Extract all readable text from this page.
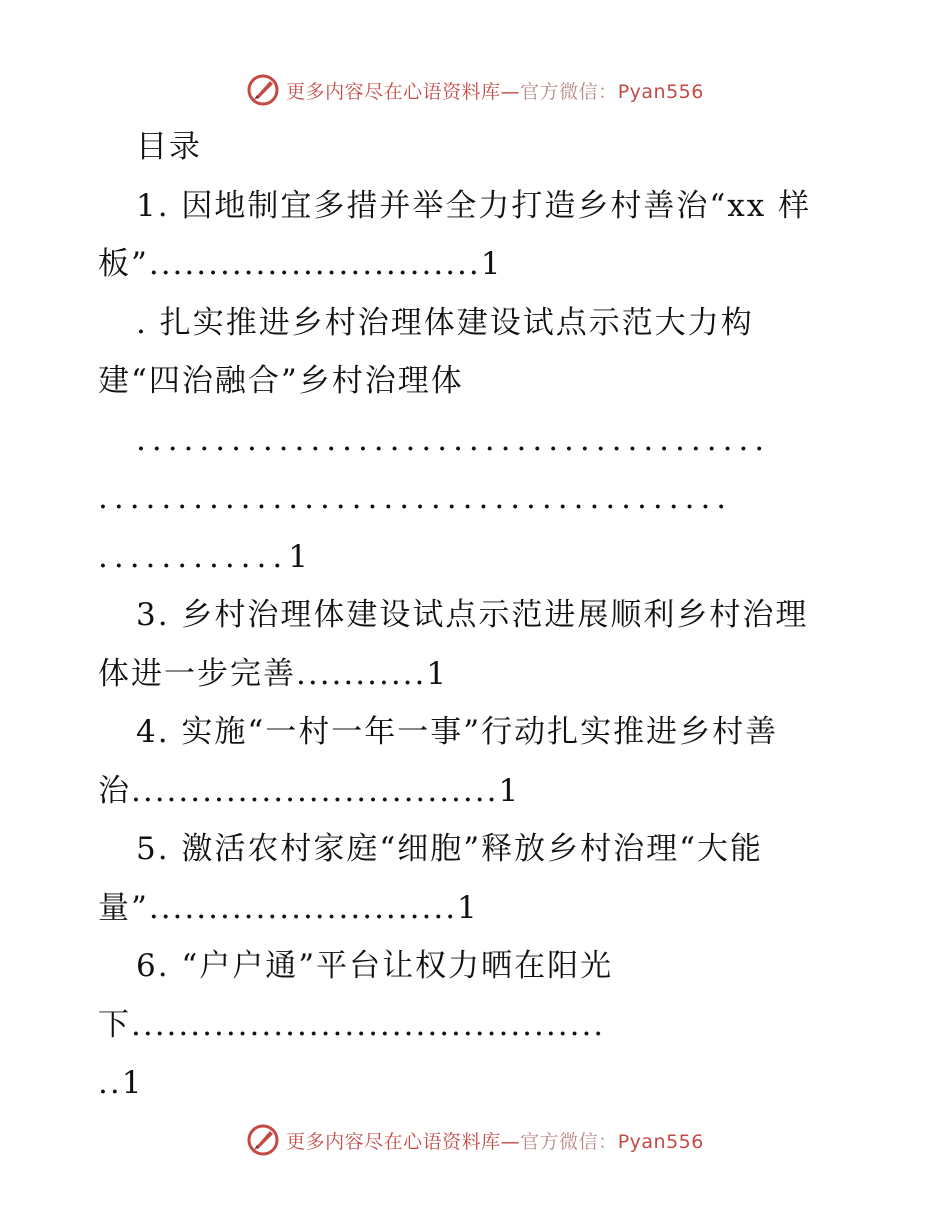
更多内容尽在心语资料库—官方微信：Pyan556
目录
1. 因地制宜多措并举全力打造乡村善治“xx 样
板”............................1
. 扎实推进乡村治理体建设试点示范大力构
建“四治融合”乡村治理体
........................................
........................................
............1
3. 乡村治理体建设试点示范进展顺利乡村治理
体进一步完善...........1
4. 实施“一村一年一事”行动扎实推进乡村善
治...............................1
5. 激活农村家庭“细胞”释放乡村治理“大能
量”..........................1
6. “户户通”平台让权力晒在阳光
下........................................
..1
更多内容尽在心语资料库—官方微信：Pyan556
